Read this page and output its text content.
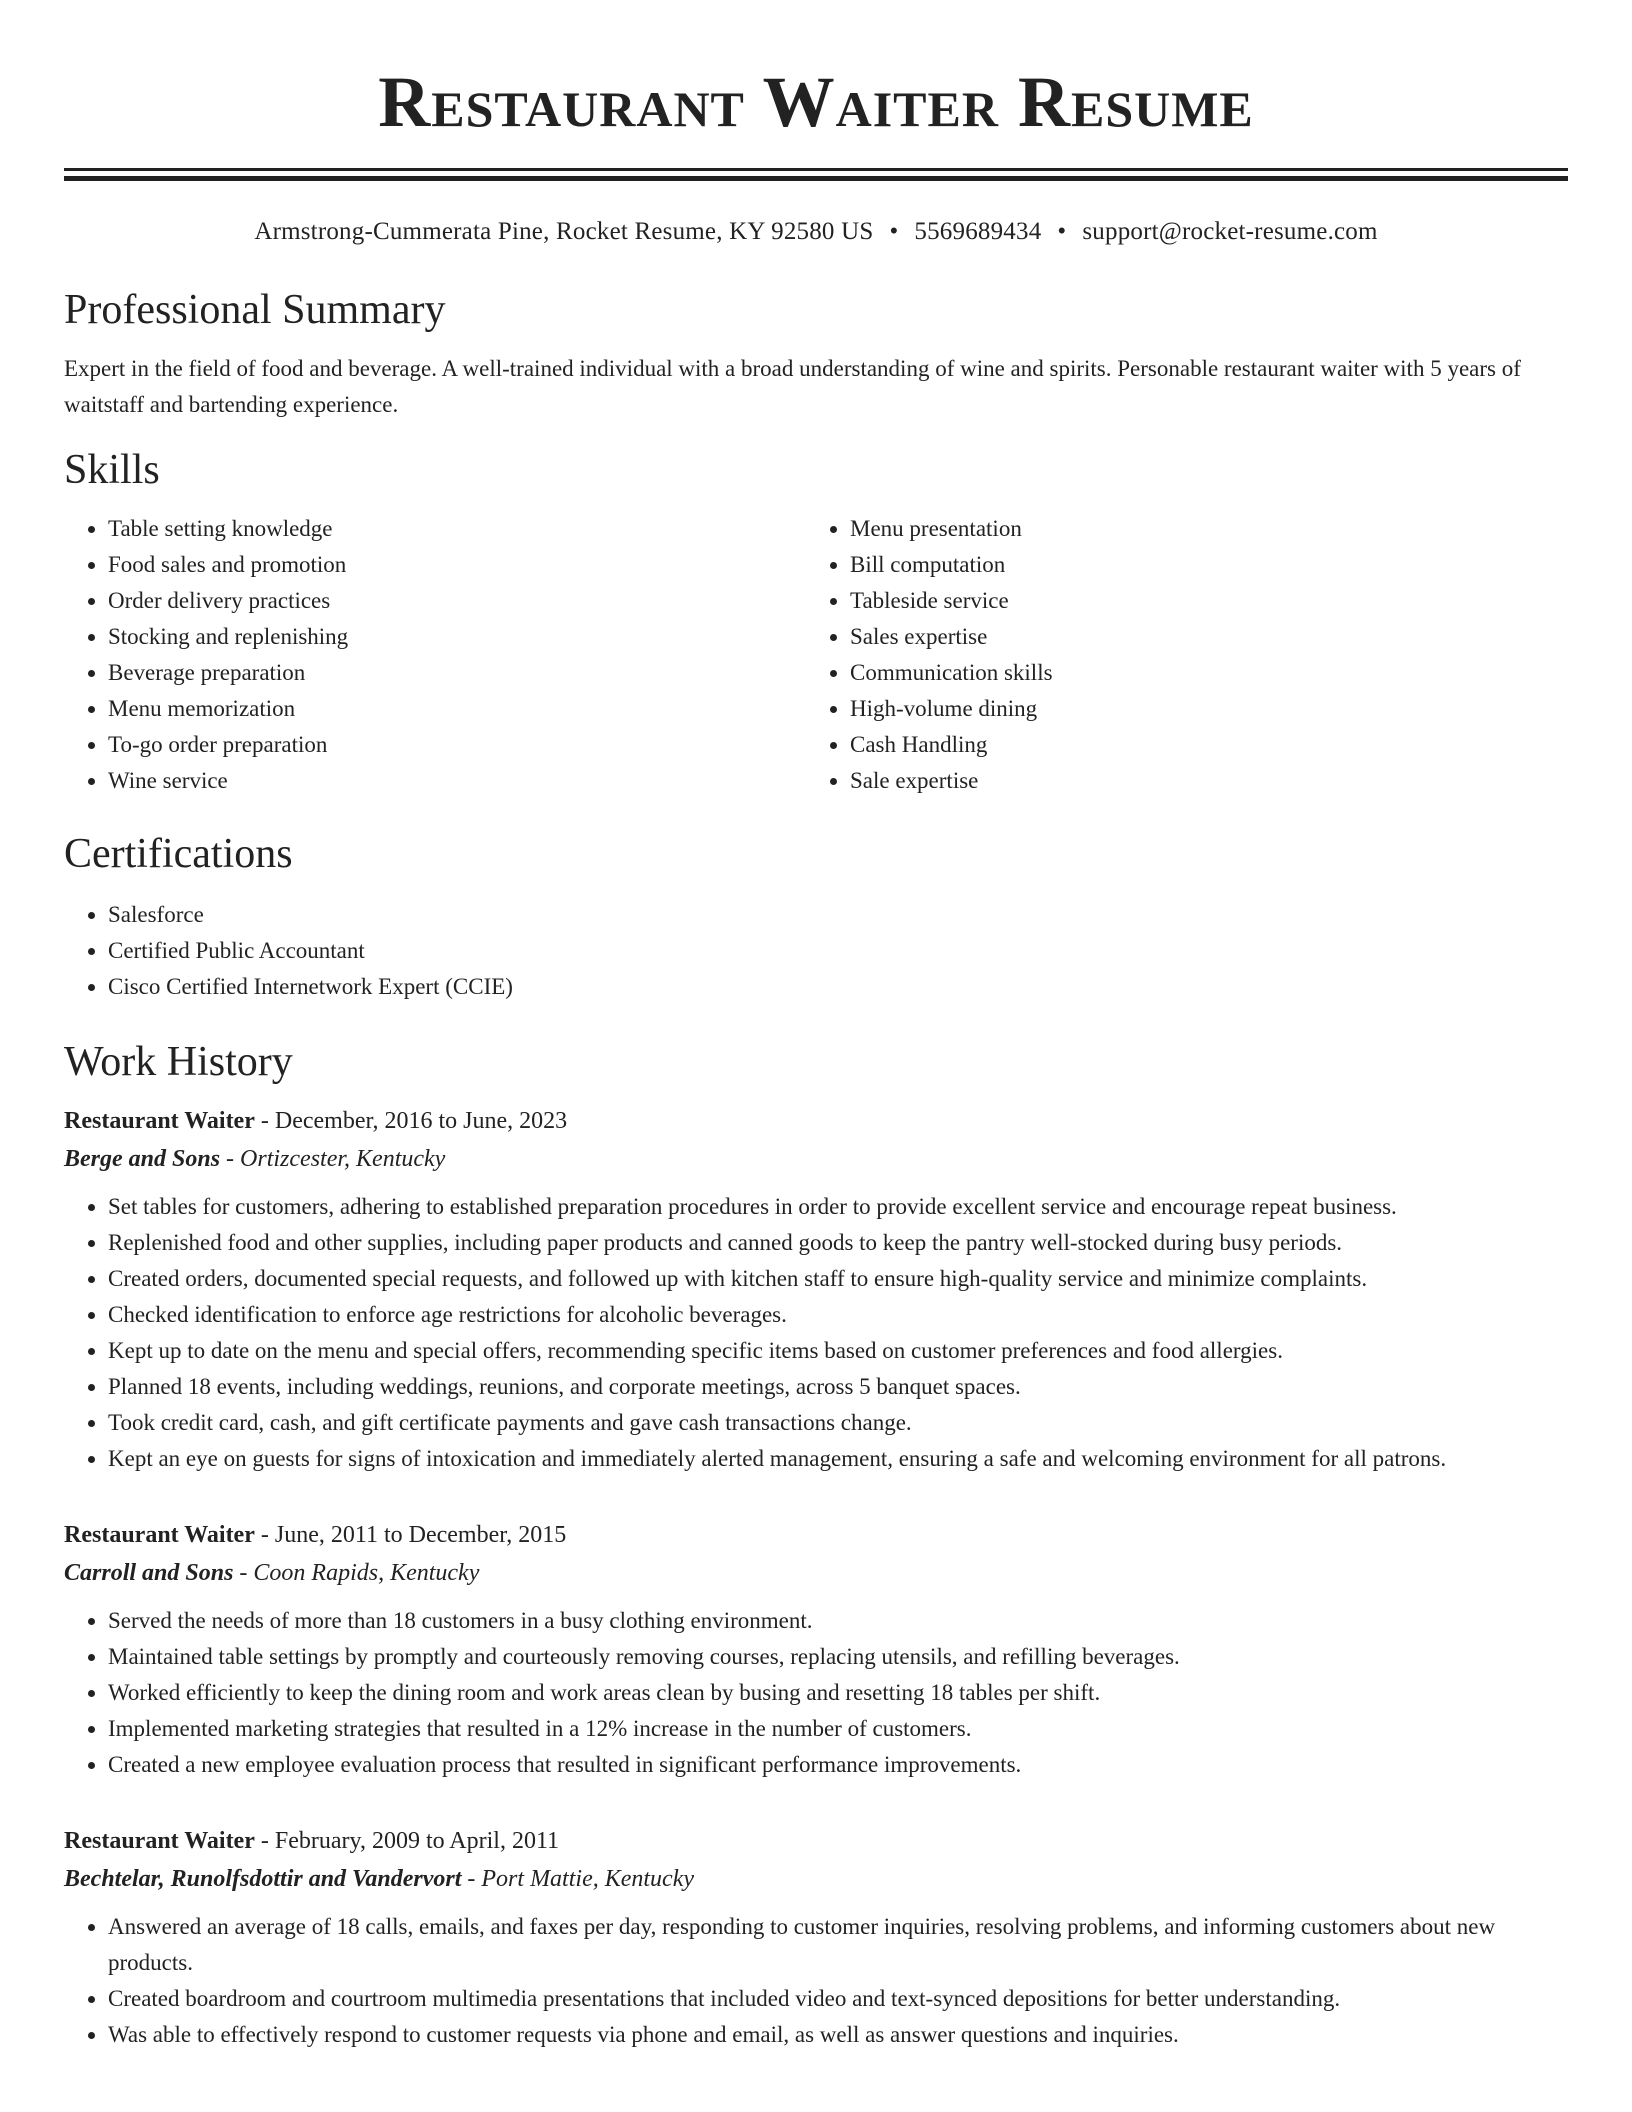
Restaurant Waiter Resume
Armstrong-Cummerata Pine, Rocket Resume, KY 92580 US • 5569689434 • support@rocket-resume.com
Professional Summary

Expert in the field of food and beverage. A well-trained individual with a broad understanding of wine and spirits. Personable restaurant waiter with 5 years of waitstaff and bartending experience.

Skills
• Table setting knowledge
• Food sales and promotion
• Order delivery practices
• Stocking and replenishing
• Beverage preparation
• Menu memorization
• To-go order preparation
• Wine service
• Menu presentation
• Bill computation
• Tableside service
• Sales expertise
• Communication skills
• High-volume dining
• Cash Handling
• Sale expertise
Certifications
• Salesforce
• Certified Public Accountant
• Cisco Certified Internetwork Expert (CCIE)
Work History
Restaurant Waiter - December, 2016 to June, 2023
Berge and Sons - Ortizcester, Kentucky
• Set tables for customers, adhering to established preparation procedures in order to provide excellent service and encourage repeat business.
• Replenished food and other supplies, including paper products and canned goods to keep the pantry well-stocked during busy periods.
• Created orders, documented special requests, and followed up with kitchen staff to ensure high-quality service and minimize complaints.
• Checked identification to enforce age restrictions for alcoholic beverages.
• Kept up to date on the menu and special offers, recommending specific items based on customer preferences and food allergies.
• Planned 18 events, including weddings, reunions, and corporate meetings, across 5 banquet spaces.
• Took credit card, cash, and gift certificate payments and gave cash transactions change.
• Kept an eye on guests for signs of intoxication and immediately alerted management, ensuring a safe and welcoming environment for all patrons.
Restaurant Waiter - June, 2011 to December, 2015
Carroll and Sons - Coon Rapids, Kentucky
• Served the needs of more than 18 customers in a busy clothing environment.
• Maintained table settings by promptly and courteously removing courses, replacing utensils, and refilling beverages.
• Worked efficiently to keep the dining room and work areas clean by busing and resetting 18 tables per shift.
• Implemented marketing strategies that resulted in a 12% increase in the number of customers.
• Created a new employee evaluation process that resulted in significant performance improvements.
Restaurant Waiter - February, 2009 to April, 2011
Bechtelar, Runolfsdottir and Vandervort - Port Mattie, Kentucky
• Answered an average of 18 calls, emails, and faxes per day, responding to customer inquiries, resolving problems, and informing customers about new products.
• Created boardroom and courtroom multimedia presentations that included video and text-synced depositions for better understanding.
• Was able to effectively respond to customer requests via phone and email, as well as answer questions and inquiries.
